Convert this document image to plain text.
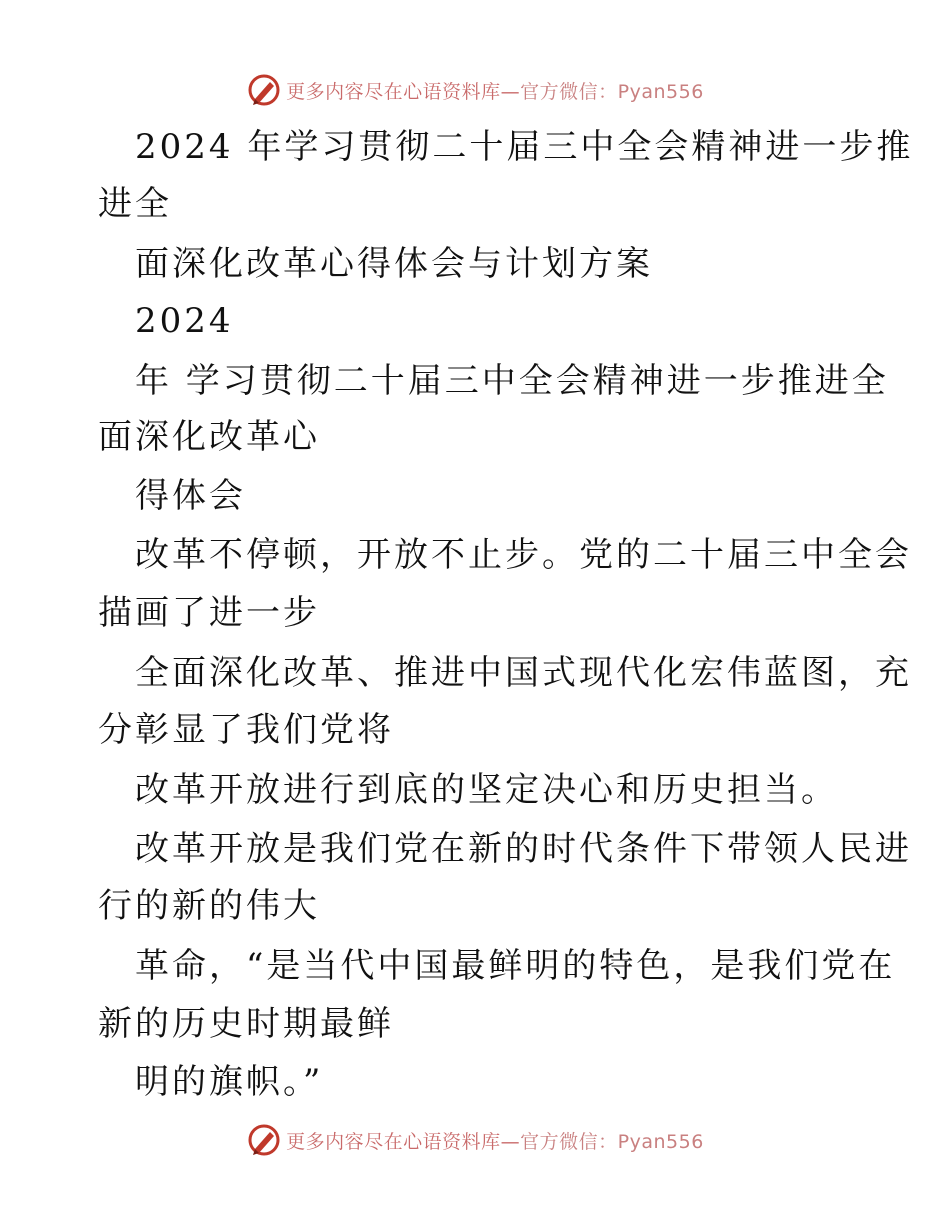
更多内容尽在心语资料库—官方微信：Pyan556
2024 年学习贯彻二十届三中全会精神进一步推
进全
面深化改革心得体会与计划方案
2024
年 学习贯彻二十届三中全会精神进一步推进全
面深化改革心
得体会
改革不停顿，开放不止步。党的二十届三中全会
描画了进一步
全面深化改革、推进中国式现代化宏伟蓝图，充
分彰显了我们党将
改革开放进行到底的坚定决心和历史担当。
改革开放是我们党在新的时代条件下带领人民进
行的新的伟大
革命，“是当代中国最鲜明的特色，是我们党在
新的历史时期最鲜
明的旗帜。”
更多内容尽在心语资料库—官方微信：Pyan556
